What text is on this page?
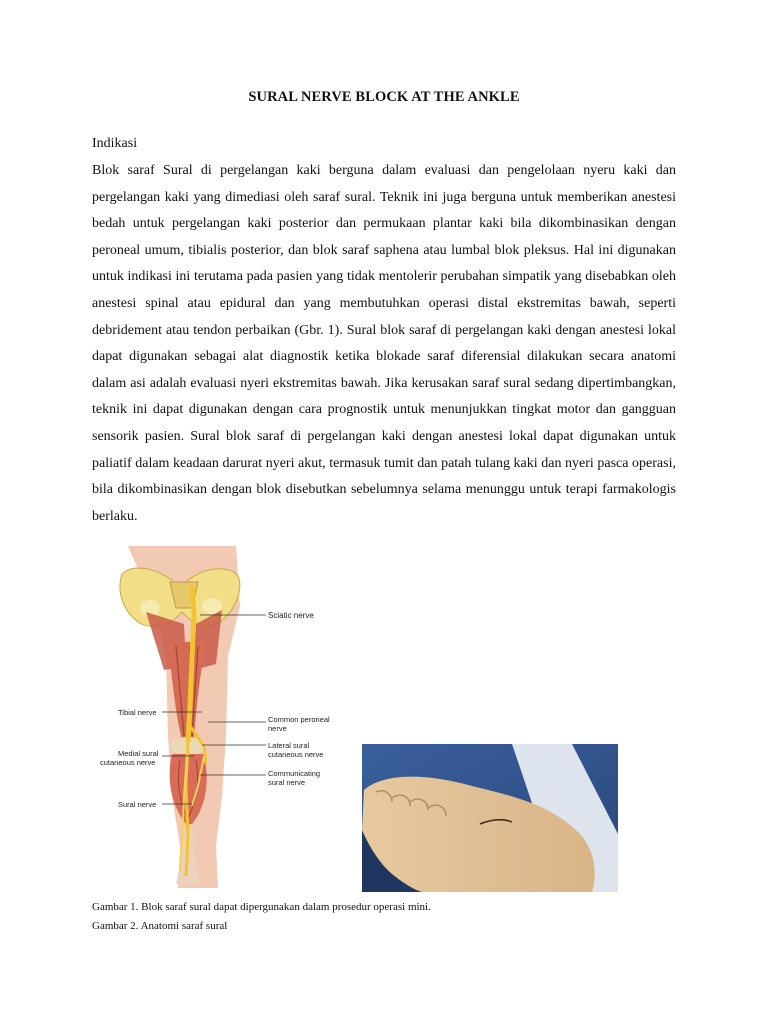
SURAL NERVE BLOCK AT THE ANKLE
Indikasi
Blok saraf Sural di pergelangan kaki berguna dalam evaluasi dan pengelolaan nyeru kaki dan pergelangan kaki yang dimediasi oleh saraf sural. Teknik ini juga berguna untuk memberikan anestesi bedah untuk pergelangan kaki posterior dan permukaan plantar kaki bila dikombinasikan dengan peroneal umum, tibialis posterior, dan blok saraf saphena atau lumbal blok pleksus. Hal ini digunakan untuk indikasi ini terutama pada pasien yang tidak mentolerir perubahan simpatik yang disebabkan oleh anestesi spinal atau epidural dan yang membutuhkan operasi distal ekstremitas bawah, seperti debridement atau tendon perbaikan (Gbr. 1). Sural blok saraf di pergelangan kaki dengan anestesi lokal dapat digunakan sebagai alat diagnostik ketika blokade saraf diferensial dilakukan secara anatomi dalam asi adalah evaluasi nyeri ekstremitas bawah. Jika kerusakan saraf sural sedang dipertimbangkan, teknik ini dapat digunakan dengan cara prognostik untuk menunjukkan tingkat motor dan gangguan sensorik pasien. Sural blok saraf di pergelangan kaki dengan anestesi lokal dapat digunakan untuk paliatif dalam keadaan darurat nyeri akut, termasuk tumit dan patah tulang kaki dan nyeri pasca operasi, bila dikombinasikan dengan blok disebutkan sebelumnya selama menunggu untuk terapi farmakologis berlaku.
Sciatic nerve
Tibial nerve
Common peroneal
nerve
Medial sural
cutaneous nerve
Lateral sural
cutaneous nerve
Communicating
sural nerve
Sural nerve
Gambar 1. Blok saraf sural dapat dipergunakan dalam prosedur operasi mini.
Gambar 2. Anatomi saraf sural
